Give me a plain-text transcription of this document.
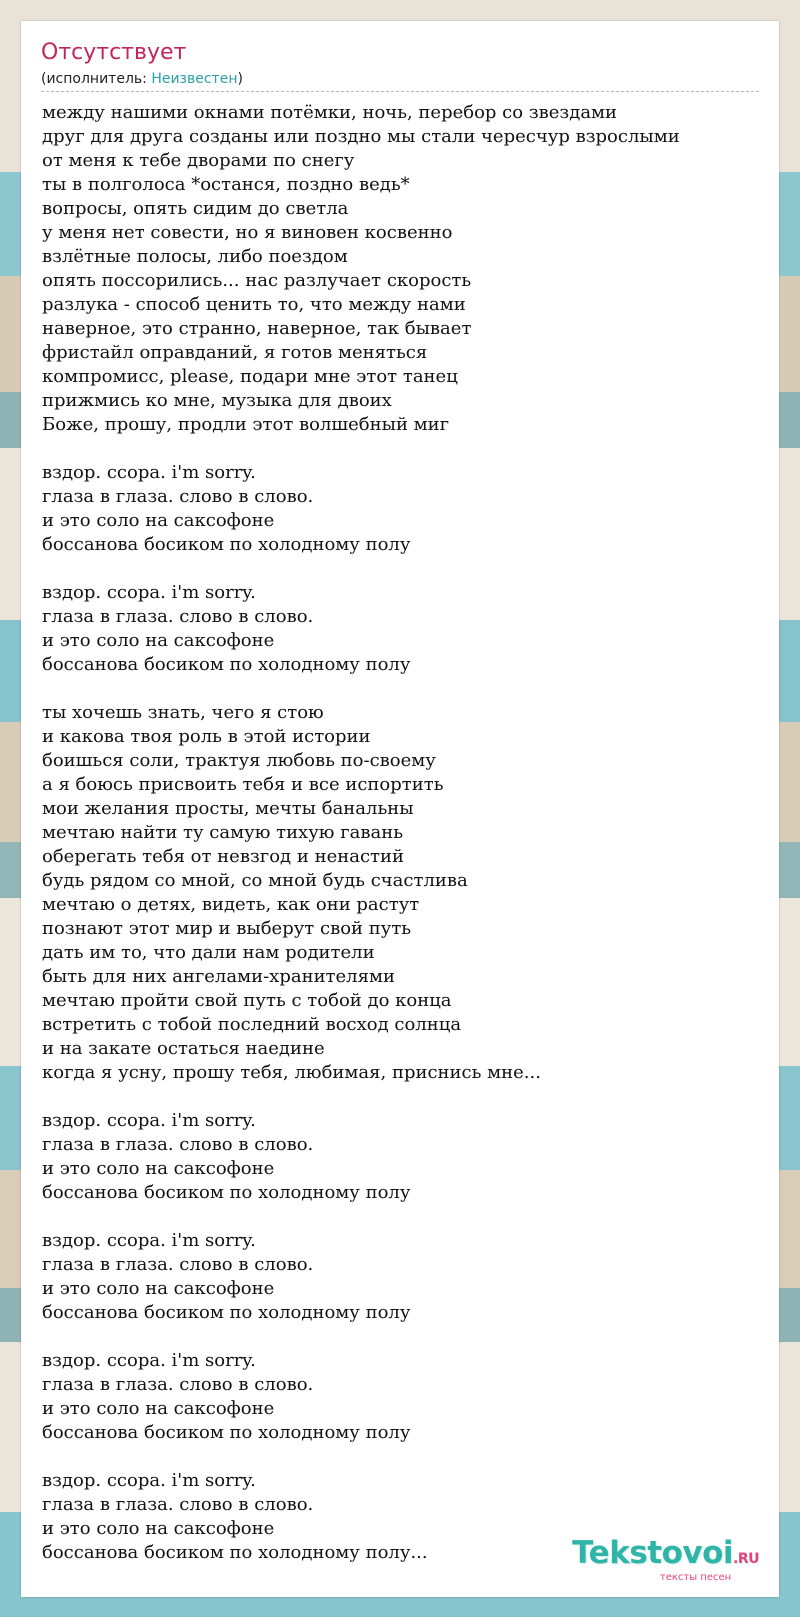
Отсутствует
(исполнитель: Неизвестен)
между нашими окнами потёмки, ночь, перебор со звездами
друг для друга созданы или поздно мы стали чересчур взрослыми
от меня к тебе дворами по снегу
ты в полголоса *останся, поздно ведь*
вопросы, опять сидим до светла
у меня нет совести, но я виновен косвенно
взлётные полосы, либо поездом
опять поссорились... нас разлучает скорость
разлука - способ ценить то, что между нами
наверное, это странно, наверное, так бывает
фристайл оправданий, я готов меняться
компромисс, please, подари мне этот танец
прижмись ко мне, музыка для двоих
Боже, прошу, продли этот волшебный миг
вздор. ссора. i'm sorry.
глаза в глаза. слово в слово.
и это соло на саксофоне
боссанова босиком по холодному полу
вздор. ссора. i'm sorry.
глаза в глаза. слово в слово.
и это соло на саксофоне
боссанова босиком по холодному полу
ты хочешь знать, чего я стою
и какова твоя роль в этой истории
боишься соли, трактуя любовь по-своему
а я боюсь присвоить тебя и все испортить
мои желания просты, мечты банальны
мечтаю найти ту самую тихую гавань
оберегать тебя от невзгод и ненастий
будь рядом со мной, со мной будь счастлива
мечтаю о детях, видеть, как они растут
познают этот мир и выберут свой путь
дать им то, что дали нам родители
быть для них ангелами-хранителями
мечтаю пройти свой путь с тобой до конца
встретить с тобой последний восход солнца
и на закате остаться наедине
когда я усну, прошу тебя, любимая, приснись мне...
вздор. ссора. i'm sorry.
глаза в глаза. слово в слово.
и это соло на саксофоне
боссанова босиком по холодному полу
вздор. ссора. i'm sorry.
глаза в глаза. слово в слово.
и это соло на саксофоне
боссанова босиком по холодному полу
вздор. ссора. i'm sorry.
глаза в глаза. слово в слово.
и это соло на саксофоне
боссанова босиком по холодному полу
вздор. ссора. i'm sorry.
глаза в глаза. слово в слово.
и это соло на саксофоне
боссанова босиком по холодному полу...	Tekstovoi.RU
тексты песен
